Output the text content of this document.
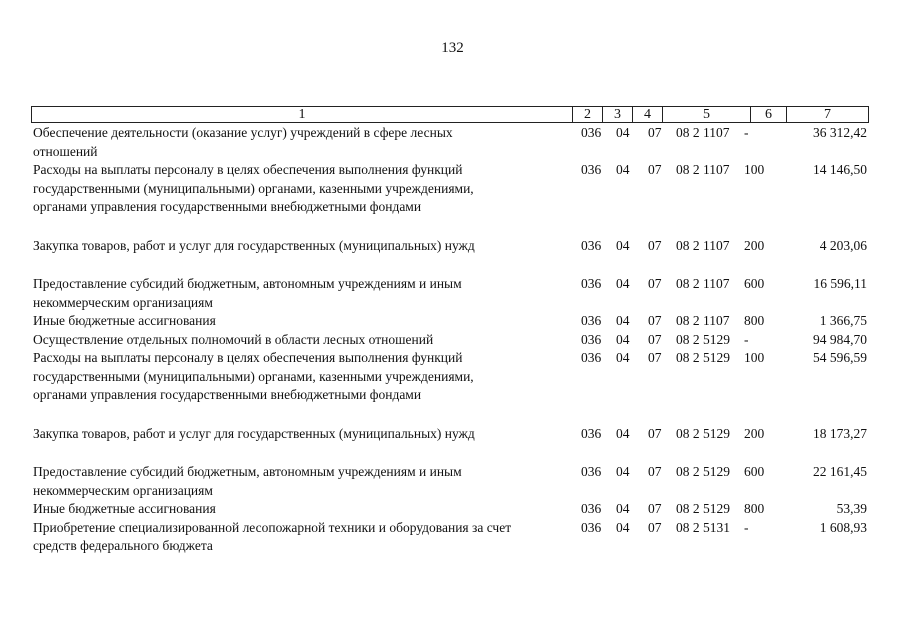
132
1	2	3	4	5	6	7
Обеспечение деятельности (оказание услуг) учреждений в сфере лесных
отношений
036	04	07	08 2 1107	-	36 312,42
Расходы на выплаты персоналу в целях обеспечения выполнения функций
государственными (муниципальными) органами, казенными учреждениями,
органами управления государственными внебюджетными фондами
036	04	07	08 2 1107	100	14 146,50
Закупка товаров, работ и услуг для государственных (муниципальных) нужд	036	04	07	08 2 1107	200	4 203,06
Предоставление субсидий бюджетным, автономным учреждениям и иным
некоммерческим организациям
036	04	07	08 2 1107	600	16 596,11
Иные бюджетные ассигнования	036	04	07	08 2 1107	800	1 366,75
Осуществление отдельных полномочий в области лесных отношений	036	04	07	08 2 5129	-	94 984,70
Расходы на выплаты персоналу в целях обеспечения выполнения функций
государственными (муниципальными) органами, казенными учреждениями,
органами управления государственными внебюджетными фондами
036	04	07	08 2 5129	100	54 596,59
Закупка товаров, работ и услуг для государственных (муниципальных) нужд	036	04	07	08 2 5129	200	18 173,27
Предоставление субсидий бюджетным, автономным учреждениям и иным
некоммерческим организациям
036	04	07	08 2 5129	600	22 161,45
Иные бюджетные ассигнования	036	04	07	08 2 5129	800	53,39
Приобретение специализированной лесопожарной техники и оборудования за счет
средств федерального бюджета
036	04	07	08 2 5131	-	1 608,93
